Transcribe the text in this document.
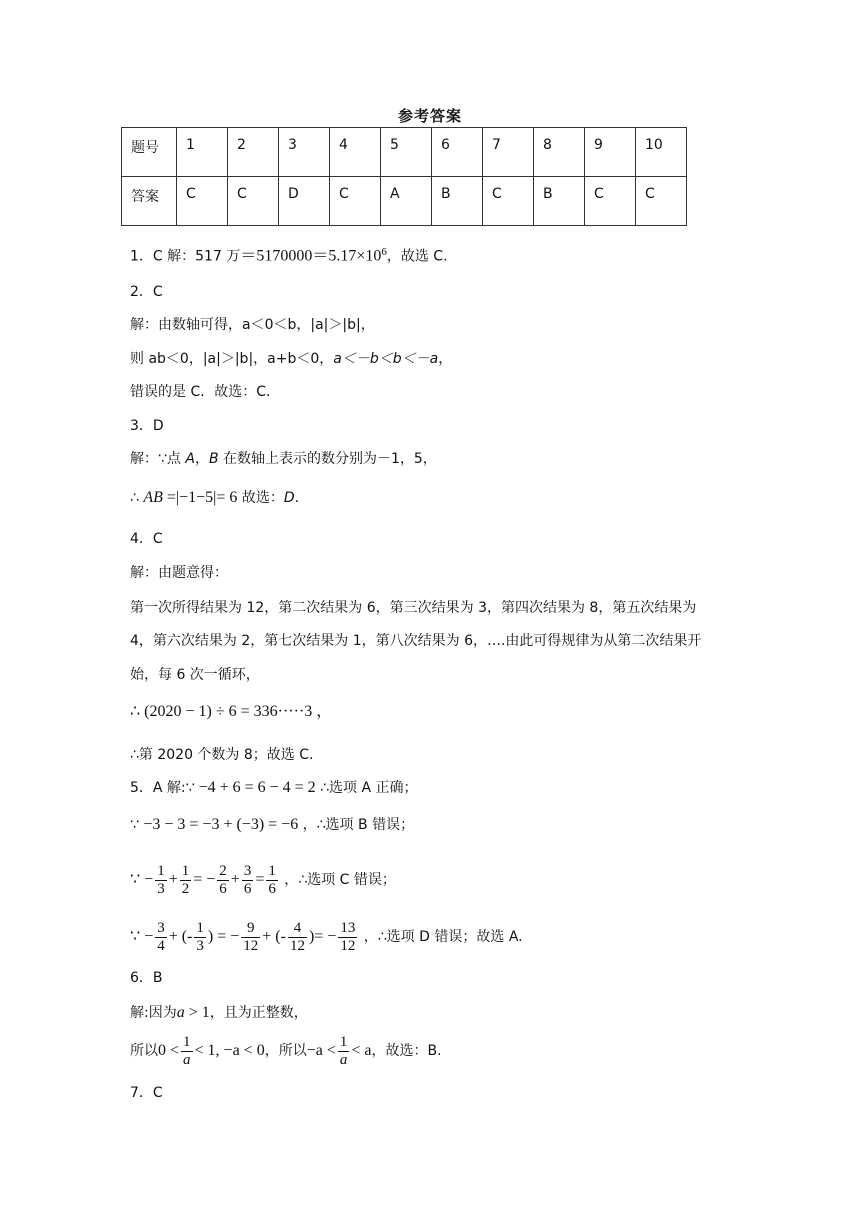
参考答案
题号	1	2	3	4	5	6	7	8	9	10
答案	C	C	D	C	A	B	C	B	C	C
1．C 解：517 万$=5170000=5.17\times 10^6$，故选 C.
2．C
解：由数轴可得，a＜0＜b，|a|＞|b|，
则 ab＜0，|a|＞|b|，a+b＜0，a＜－b＜b＜－a，
错误的是 C．故选：C.
3．D
解：∵点 A，B 在数轴上表示的数分别为－1，5，
∴ AB =|−1−5|= 6 故选：D.
4．C
解：由题意得：
第一次所得结果为 12，第二次结果为 6，第三次结果为 3，第四次结果为 8，第五次结果为
4，第六次结果为 2，第七次结果为 1，第八次结果为 6，….由此可得规律为从第二次结果开
始，每 6 次一循环，
∴ (2020 − 1) ÷ 6 = 336·····3 ，
∴第 2020 个数为 8；故选 C.
5．A 解:∵ −4 + 6 = 6 − 4 = 2 ∴选项 A 正确；
∵ −3 − 3 = −3 + (−3) = −6 ，∴选项 B 错误；
∵ − $\frac{1}{3} + \frac{1}{2}$ = − $\frac{2}{6} + \frac{3}{6} = \frac{1}{6}$ ，∴选项 C 错误；
∵ − $\frac{3}{4}$ + (- $\frac{1}{3}$ ) = − $\frac{9}{12}$ + (- $\frac{4}{12}$ )= − $\frac{13}{12}$ ，∴选项 D 错误；故选 A.
6．B
解:因为a > 1，且为正整数，
所以$0 < \frac{1}{a} < 1$, −a < 0，所以$-a < \frac{1}{a} < a$，故选：B.
7．C
